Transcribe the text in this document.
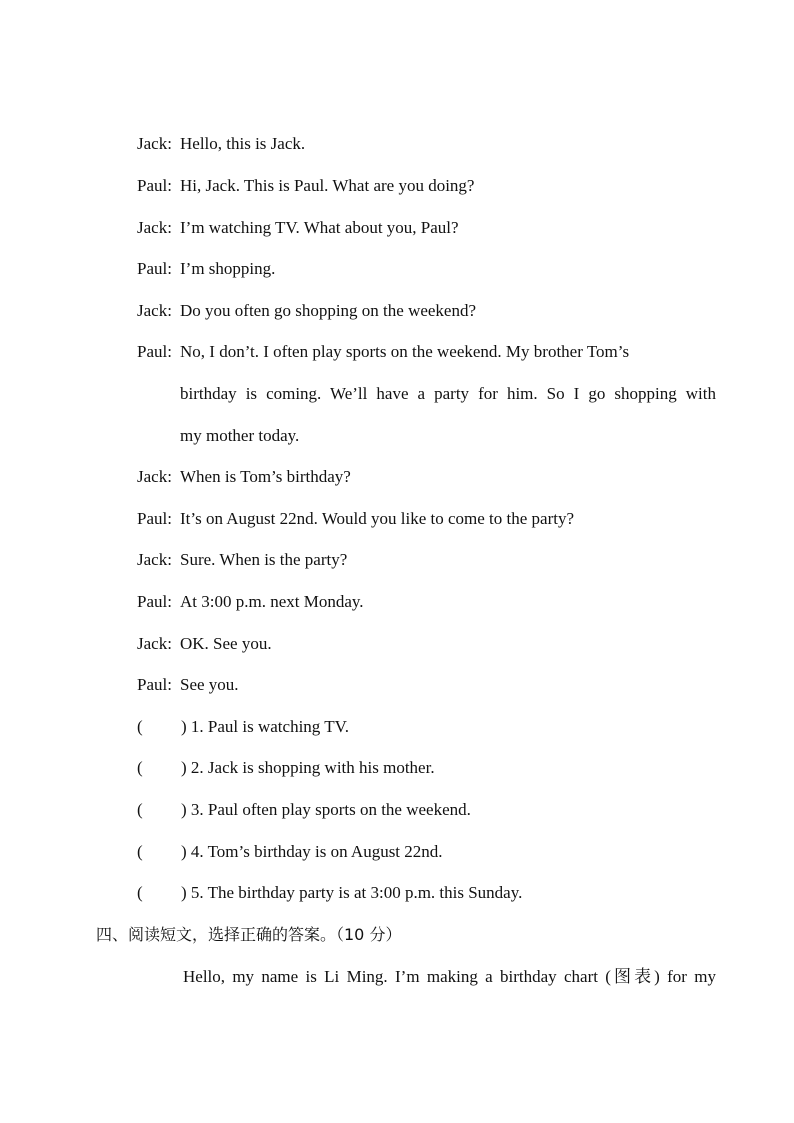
Jack: Hello, this is Jack.
Paul: Hi, Jack. This is Paul. What are you doing?
Jack: I’m watching TV. What about you, Paul?
Paul: I’m shopping.
Jack: Do you often go shopping on the weekend?
Paul: No, I don’t. I often play sports on the weekend. My brother Tom’s
birthday is coming. We’ll have a party for him. So I go shopping with
my mother today.
Jack: When is Tom’s birthday?
Paul: It’s on August 22nd. Would you like to come to the party?
Jack: Sure. When is the party?
Paul: At 3:00 p.m. next Monday.
Jack: OK. See you.
Paul: See you.
( ) 1. Paul is watching TV.
( ) 2. Jack is shopping with his mother.
( ) 3. Paul often play sports on the weekend.
( ) 4. Tom’s birthday is on August 22nd.
( ) 5. The birthday party is at 3:00 p.m. this Sunday.
四、阅读短文，选择正确的答案。（10 分）
Hello, my name is Li Ming. I’m making a birthday chart (图表) for my
